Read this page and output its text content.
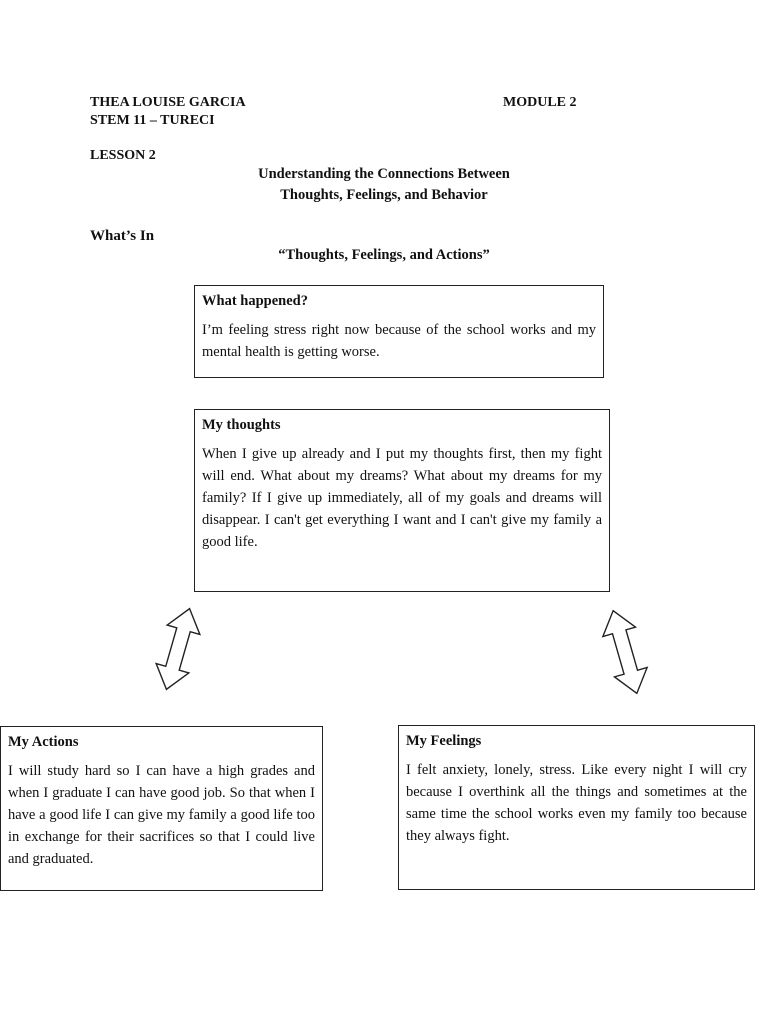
THEA LOUISE GARCIA
STEM 11 – TURECI
MODULE 2
LESSON 2
Understanding the Connections Between
Thoughts, Feelings, and Behavior
What’s In
“Thoughts, Feelings, and Actions”
What happened?

I’m feeling stress right now because of the school works and my mental health is getting worse.

My thoughts

When I give up already and I put my thoughts first, then my fight will end. What about my dreams? What about my dreams for my family? If I give up immediately, all of my goals and dreams will disappear. I can't get everything I want and I can't give my family a good life.

My Actions

I will study hard so I can have a high grades and when I graduate I can have good job. So that when I have a good life I can give my family a good life too in exchange for their sacrifices so that I could live and graduated.

My Feelings

I felt anxiety, lonely, stress. Like every night I will cry because I overthink all the things and sometimes at the same time the school works even my family too because they always fight.
